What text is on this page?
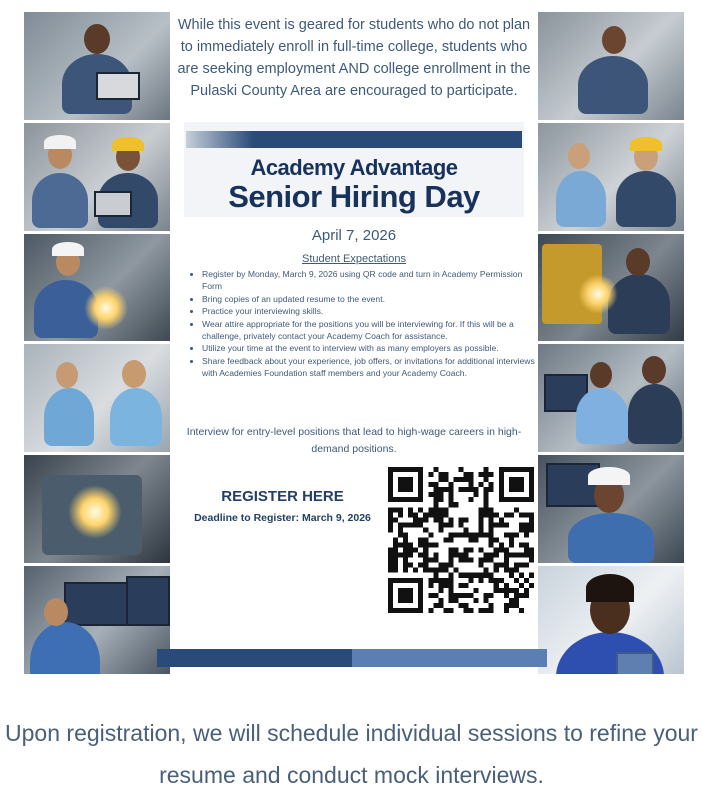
While this event is geared for students who do not plan to immediately enroll in full-time college, students who are seeking employment AND college enrollment in the Pulaski County Area are encouraged to participate.
Academy Advantage
Senior Hiring Day
April 7, 2026
Student Expectations
• Register by Monday, March 9, 2026 using QR code and turn in Academy Permission Form
• Bring copies of an updated resume to the event.
• Practice your interviewing skills.
• Wear attire appropriate for the positions you will be interviewing for. If this will be a challenge, privately contact your Academy Coach for assistance.
• Utilize your time at the event to interview with as many employers as possible.
• Share feedback about your experience, job offers, or invitations for additional interviews with Academies Foundation staff members and your Academy Coach.
Interview for entry-level positions that lead to high-wage careers in high-demand positions.
REGISTER HERE
Deadline to Register: March 9, 2026
Upon registration, we will schedule individual sessions to refine your resume and conduct mock interviews.
